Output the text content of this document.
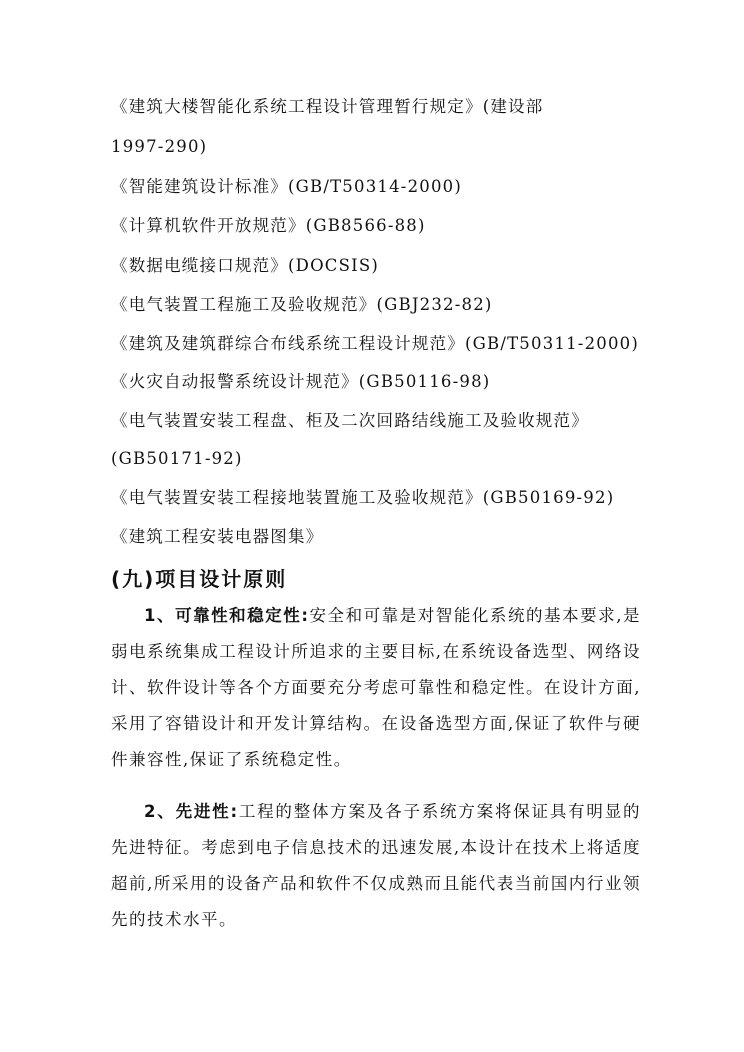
《建筑大楼智能化系统工程设计管理暂行规定》(建设部
1997-290)
《智能建筑设计标准》(GB/T50314-2000)
《计算机软件开放规范》(GB8566-88)
《数据电缆接口规范》(DOCSIS)
《电气装置工程施工及验收规范》(GBJ232-82)
《建筑及建筑群综合布线系统工程设计规范》(GB/T50311-2000)
《火灾自动报警系统设计规范》(GB50116-98)
《电气装置安装工程盘、柜及二次回路结线施工及验收规范》
(GB50171-92)
《电气装置安装工程接地装置施工及验收规范》(GB50169-92)
《建筑工程安装电器图集》
(九)项目设计原则

1、可靠性和稳定性:安全和可靠是对智能化系统的基本要求,是弱电系统集成工程设计所追求的主要目标,在系统设备选型、网络设计、软件设计等各个方面要充分考虑可靠性和稳定性。在设计方面,采用了容错设计和开发计算结构。在设备选型方面,保证了软件与硬件兼容性,保证了系统稳定性。

2、先进性:工程的整体方案及各子系统方案将保证具有明显的先进特征。考虑到电子信息技术的迅速发展,本设计在技术上将适度超前,所采用的设备产品和软件不仅成熟而且能代表当前国内行业领先的技术水平。
